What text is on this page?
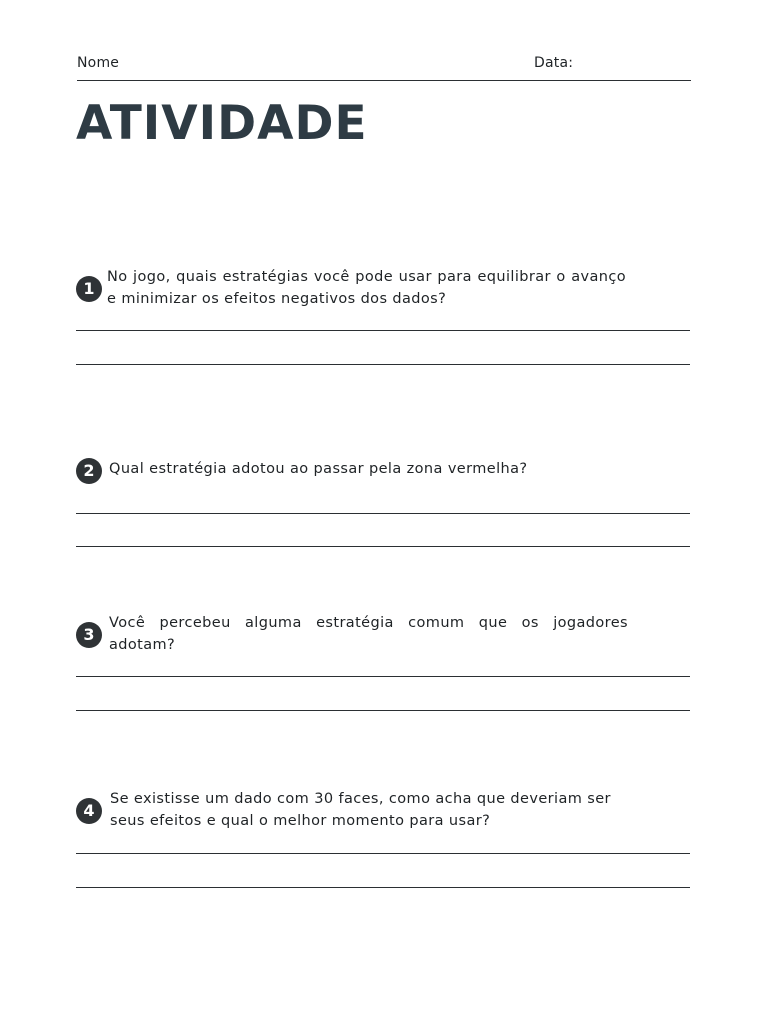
Nome	Data:
ATIVIDADE
1
No jogo, quais estratégias você pode usar para equilibrar o avanço e minimizar os efeitos negativos dos dados?
2 Qual estratégia adotou ao passar pela zona vermelha?
3
Você percebeu alguma estratégia comum que os jogadores adotam?
4
Se existisse um dado com 30 faces, como acha que deveriam ser seus efeitos e qual o melhor momento para usar?
